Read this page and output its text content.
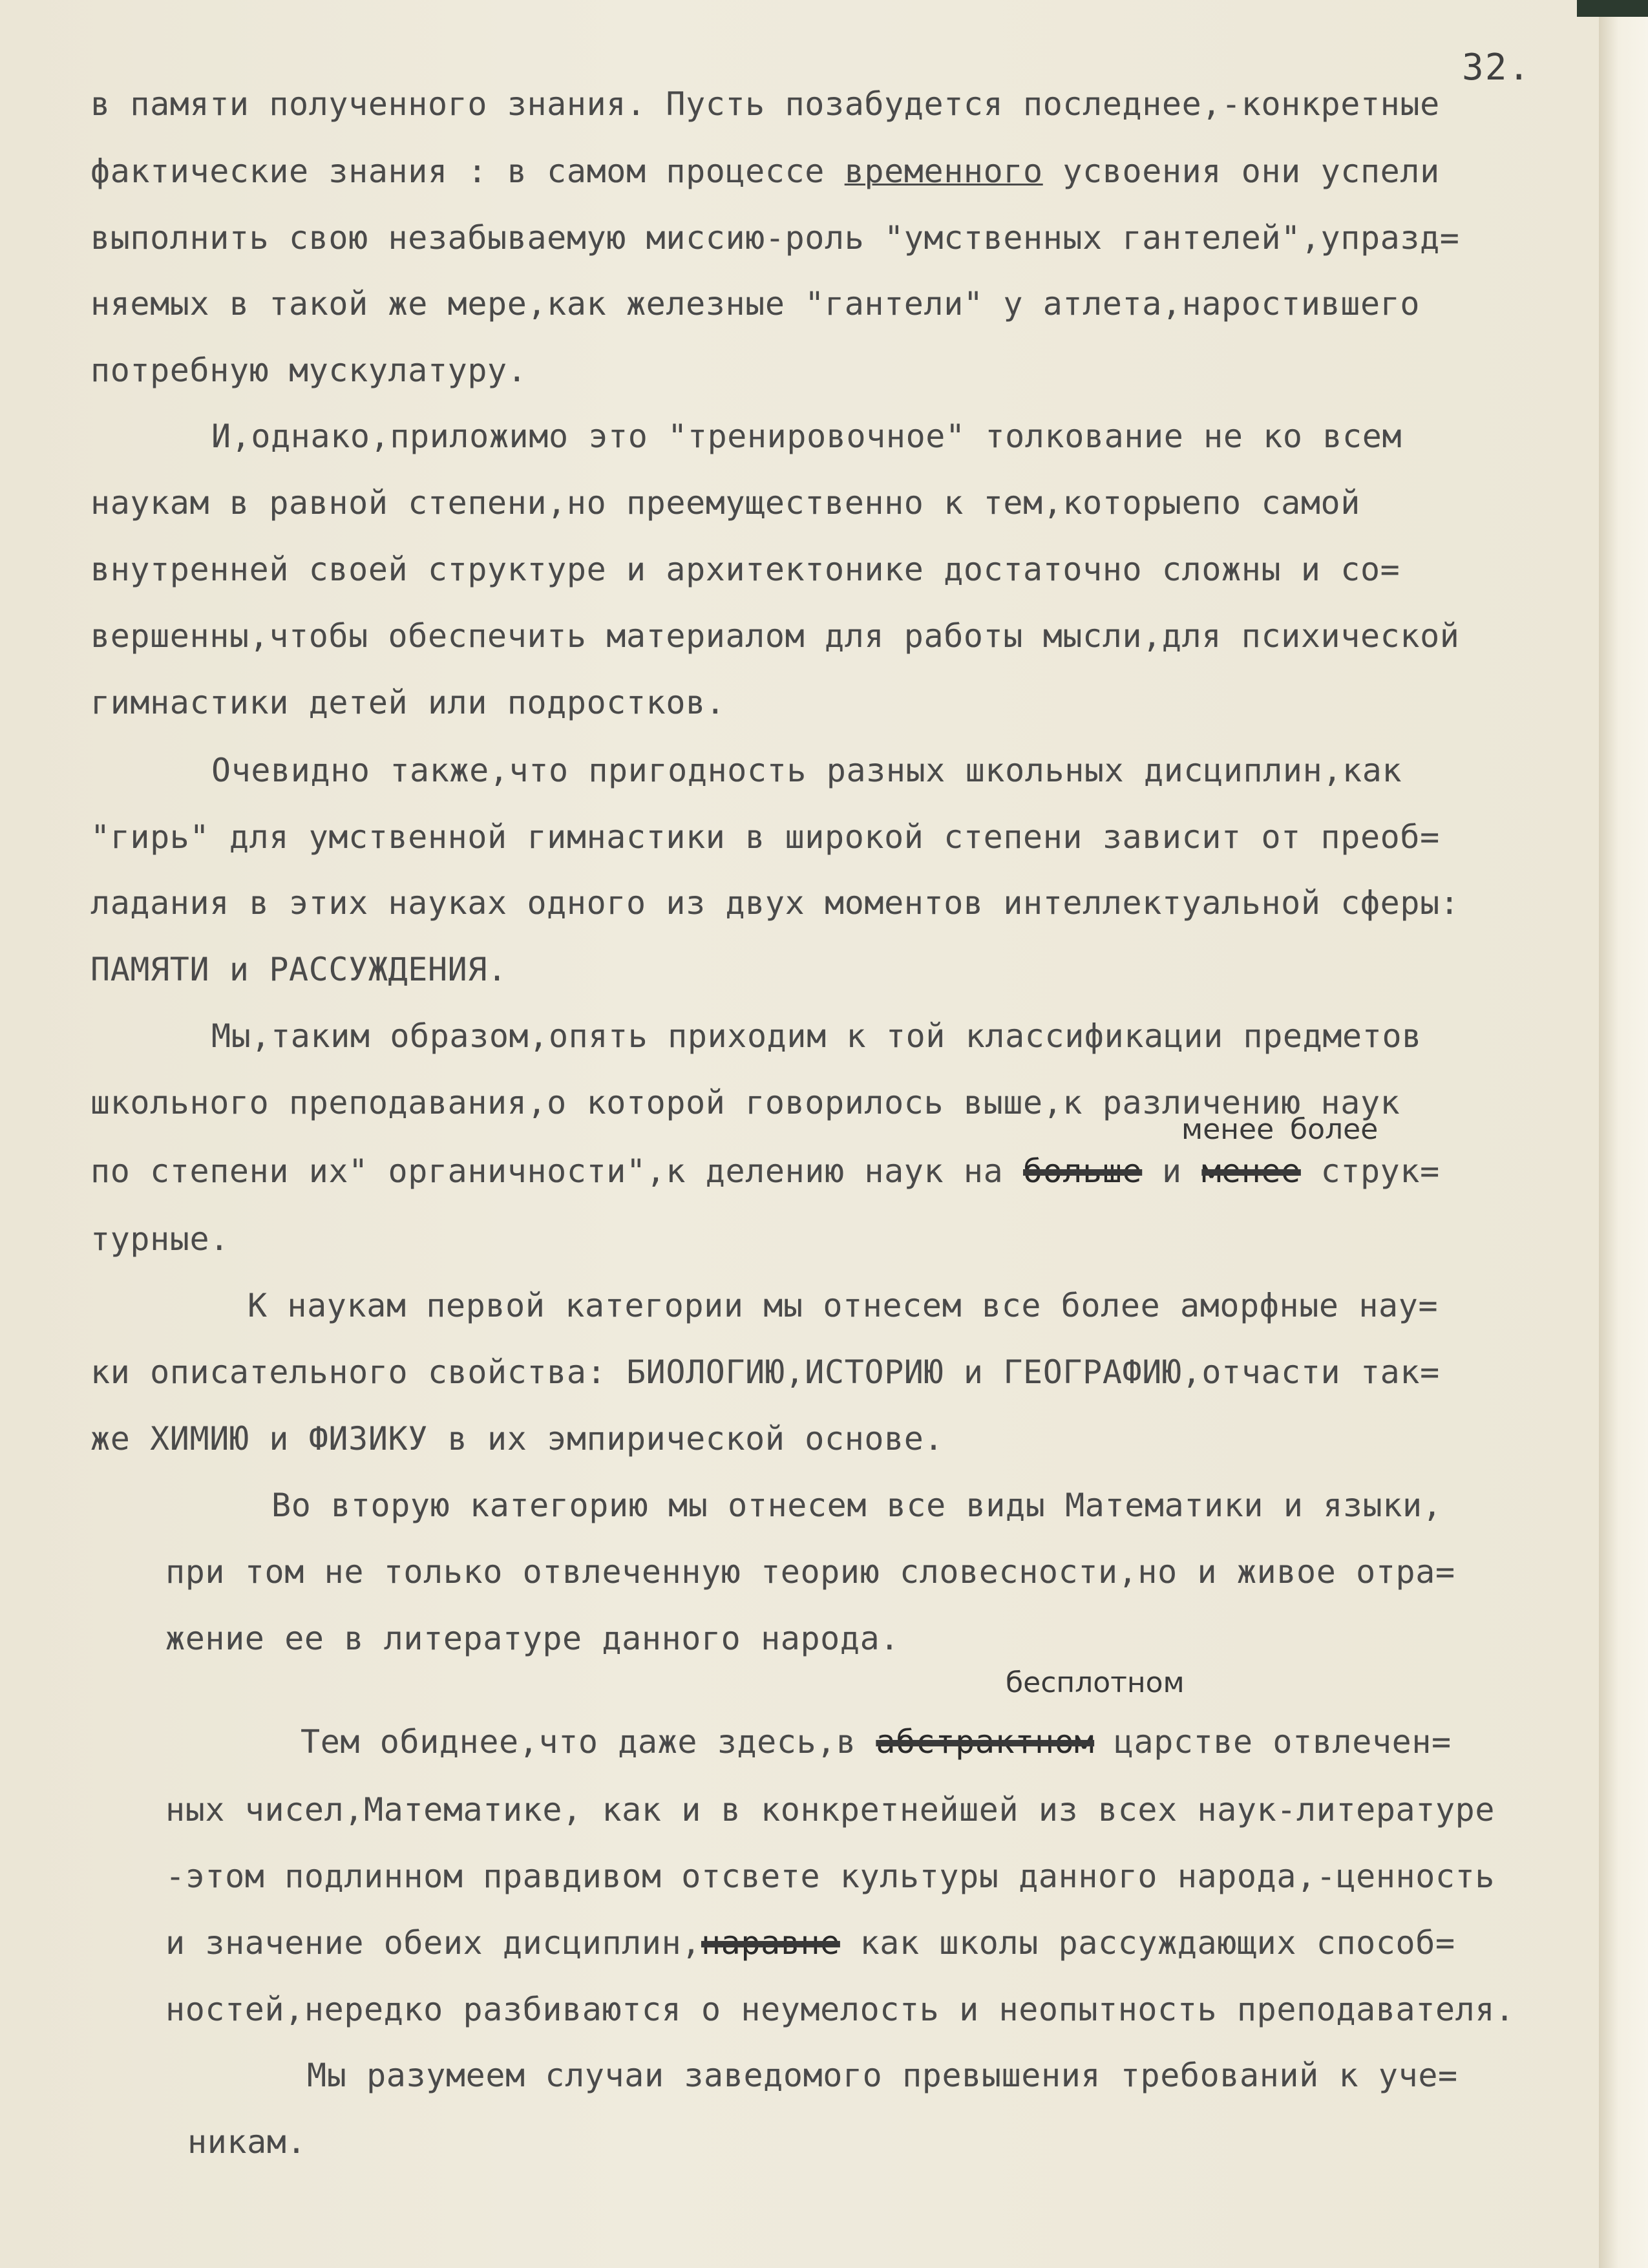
32.
в памяти полученного знания. Пусть позабудется последнее,-конкретные
фактические знания : в самом процессе временного усвоения они успели
выполнить свою незабываемую миссию-роль "умственных гантелей",упразд=
няемых в такой же мере,как железные "гантели" у атлета,наростившего
потребную мускулатуру.
И,однако,приложимо это "тренировочное" толкование не ко всем
наукам в равной степени,но преемущественно к тем,которыепо самой
внутренней своей структуре и архитектонике достаточно сложны и со=
вершенны,чтобы обеспечить материалом для работы мысли,для психической
гимнастики детей или подростков.
Очевидно также,что пригодность разных школьных дисциплин,как
"гирь" для умственной гимнастики в широкой степени зависит от преоб=
ладания в этих науках одного из двух моментов интеллектуальной сферы:
ПАМЯТИ и РАССУЖДЕНИЯ.
Мы,таким образом,опять приходим к той классификации предметов
школьного преподавания,о которой говорилось выше,к различению наук
менее более
по степени их" органичности",к делению наук на больше и менее струк=
турные.
К наукам первой категории мы отнесем все более аморфные нау=
ки описательного свойства: БИОЛОГИЮ,ИСТОРИЮ и ГЕОГРАФИЮ,отчасти так=
же ХИМИЮ и ФИЗИКУ в их эмпирической основе.
Во вторую категорию мы отнесем все виды Математики и языки,
при том не только отвлеченную теорию словесности,но и живое отра=
жение ее в литературе данного народа.
бесплотном
Тем обиднее,что даже здесь,в абстрактном царстве отвлечен=
ных чисел,Математике, как и в конкретнейшей из всех наук-литературе
-этом подлинном правдивом отсвете культуры данного народа,-ценность
и значение обеих дисциплин,наравне как школы рассуждающих способ=
ностей,нередко разбиваются о неумелость и неопытность преподавателя.
Мы разумеем случаи заведомого превышения требований к уче=
никам.
